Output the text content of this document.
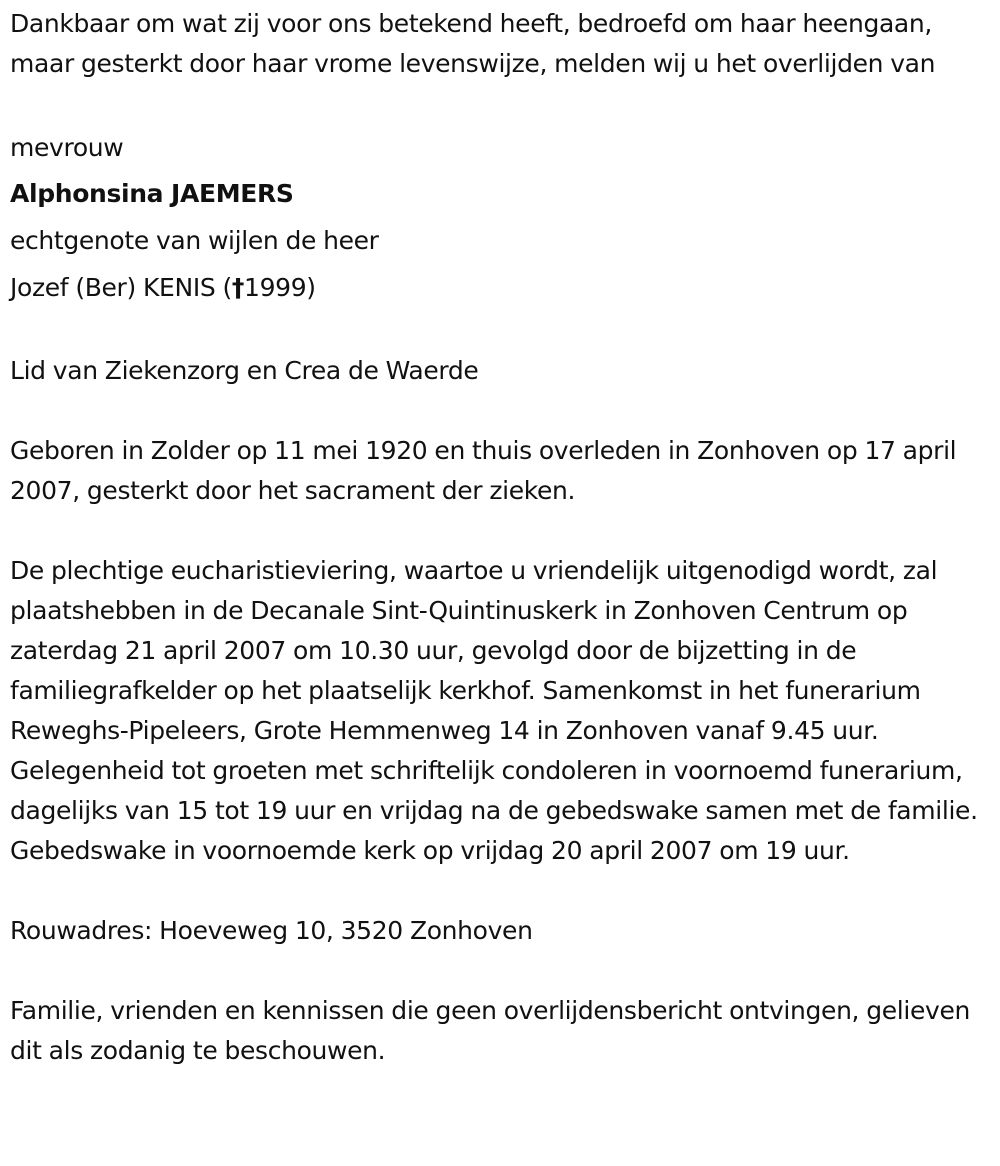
Dankbaar om wat zij voor ons betekend heeft, bedroefd om haar heengaan, maar gesterkt door haar vrome levenswijze, melden wij u het overlijden van

mevrouw
Alphonsina JAEMERS
echtgenote van wijlen de heer
Jozef (Ber) KENIS (†1999)
Lid van Ziekenzorg en Crea de Waerde

Geboren in Zolder op 11 mei 1920 en thuis overleden in Zonhoven op 17 april 2007, gesterkt door het sacrament der zieken.

De plechtige eucharistieviering, waartoe u vriendelijk uitgenodigd wordt, zal plaatshebben in de Decanale Sint-Quintinuskerk in Zonhoven Centrum op zaterdag 21 april 2007 om 10.30 uur, gevolgd door de bijzetting in de familiegrafkelder op het plaatselijk kerkhof. Samenkomst in het funerarium Reweghs-Pipeleers, Grote Hemmenweg 14 in Zonhoven vanaf 9.45 uur. Gelegenheid tot groeten met schriftelijk condoleren in voornoemd funerarium, dagelijks van 15 tot 19 uur en vrijdag na de gebedswake samen met de familie. Gebedswake in voornoemde kerk op vrijdag 20 april 2007 om 19 uur.

Rouwadres: Hoeveweg 10, 3520 Zonhoven

Familie, vrienden en kennissen die geen overlijdensbericht ontvingen, gelieven dit als zodanig te beschouwen.
